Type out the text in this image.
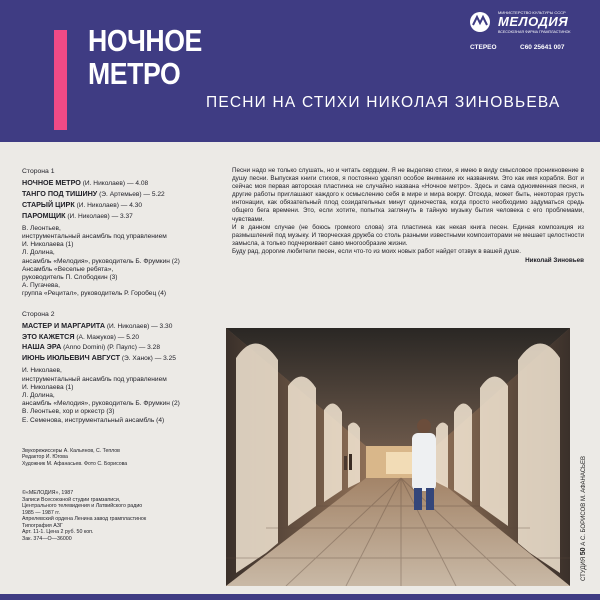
НОЧНОЕ
МЕТРО
ПЕСНИ НА СТИХИ НИКОЛАЯ ЗИНОВЬЕВА
МИНИСТЕРСТВО КУЛЬТУРЫ СССР
МЕЛОДИЯ
ВСЕСОЮЗНАЯ ФИРМА ГРАМПЛАСТИНОК
СТЕРЕО	С60 25641 007
Сторона 1
НОЧНОЕ МЕТРО (И. Николаев) — 4.08
ТАНГО ПОД ТИШИНУ (Э. Артемьев) — 5.22
СТАРЫЙ ЦИРК (И. Николаев) — 4.30
ПАРОМЩИК (И. Николаев) — 3.37
В. Леонтьев,
инструментальный ансамбль под управлением
И. Николаева (1)
Л. Долина,
ансамбль «Мелодия», руководитель Б. Фрумкин (2)
Ансамбль «Веселые ребята»,
руководитель П. Слободкин (3)
А. Пугачева,
группа «Рецитал», руководитель Р. Горобец (4)
Сторона 2
МАСТЕР И МАРГАРИТА (И. Николаев) — 3.30
ЭТО КАЖЕТСЯ (А. Мажуков) — 5.20
НАША ЭРА (Anno Domini) (Р. Паулс) — 3.28
ИЮНЬ ИЮЛЬЕВИЧ АВГУСТ (Э. Ханок) — 3.25
И. Николаев,
инструментальный ансамбль под управлением
И. Николаева (1)
Л. Долина,
ансамбль «Мелодия», руководитель Б. Фрумкин (2)
В. Леонтьев, хор и оркестр (3)
Е. Семенова, инструментальный ансамбль (4)
Звукорежиссеры А. Кальянов, С. Теплов
Редактор И. Югова
Художник М. Афанасьев. Фото С. Борисова
©«МЕЛОДИЯ», 1987
Записи Всесоюзной студии грамзаписи,
Центрального телевидения и Латвийского радио
1985 — 1987 гг.
Апрелевский ордена Ленина завод грампластинок
Типография АЗГ
Арт. 11-1. Цена 2 руб. 50 коп.
Зак. 374—О—36000

Песни надо не только слушать, но и читать сердцем. Я не выделяю стихи, я имею в виду смысловое проникновение в душу песни. Выпуская книги стихов, я постоянно уделял особое внимание их названиям. Это как имя корабля. Вот и сейчас моя первая авторская пластинка не случайно названа «Ночное метро». Здесь и сама одноименная песня, и другие работы приглашают каждого к осмыслению себя в мире и мира вокруг. Отсюда, может быть, некоторая грусть интонации, как обязательный плод созидательных минут одиночества, когда просто необходимо задуматься средь общего бега времени. Это, если хотите, попытка заглянуть в тайную музыку бытия человека с его проблемами, чувствами.

И в данном случае (не боюсь громкого слова) эта пластинка как некая книга песен. Единая композиция из размышлений под музыку. И творческая дружба со столь разными известными композиторами не мешает целостности замысла, а только подчеркивает само многообразие жизни.

Буду рад, дорогие любители песен, если что-то из моих новых работ найдет отзвук в вашей душе.

Николай Зиновьев
СТУДИЯ 50 А С. БОРИСОВ М. АФАНАСЬЕВ
